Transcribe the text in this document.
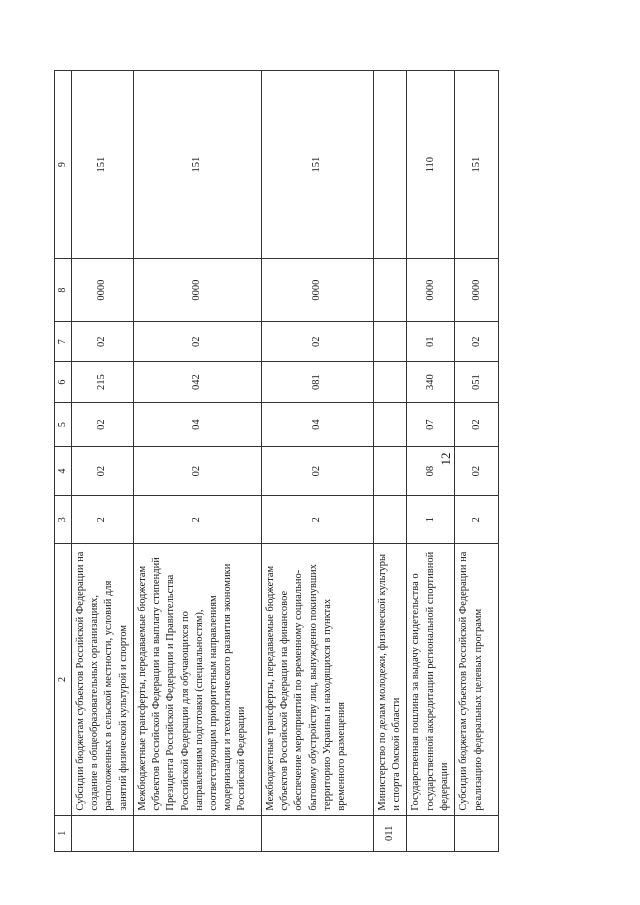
12
1	2	3	4	5	6	7	8	9
	Субсидии бюджетам субъектов Российской Федерации на создание в общеобразовательных организациях, расположенных в сельской местности, условий для занятий физической культурой и спортом	2	02	02	215	02	0000	151
	Межбюджетные трансферты, передаваемые бюджетам субъектов Российской Федерации на выплату стипендий Президента Российской Федерации и Правительства Российской Федерации для обучающихся по направлениям подготовки (специальностям), соответствующим приоритетным направлениям модернизации и технологического развития экономики Российской Федерации	2	02	04	042	02	0000	151
	Межбюджетные трансферты, передаваемые бюджетам субъектов Российской Федерации на финансовое обеспечение мероприятий по временному социально-бытовому обустройству лиц, вынужденно покинувших территорию Украины и находящихся в пунктах временного размещения	2	02	04	081	02	0000	151
011	Министерство по делам молодежи, физической культуры и спорта Омской области							
	Государственная пошлина за выдачу свидетельства о государственной аккредитации региональной спортивной федерации	1	08	07	340	01	0000	110
	Субсидии бюджетам субъектов Российской Федерации на реализацию федеральных целевых программ	2	02	02	051	02	0000	151
